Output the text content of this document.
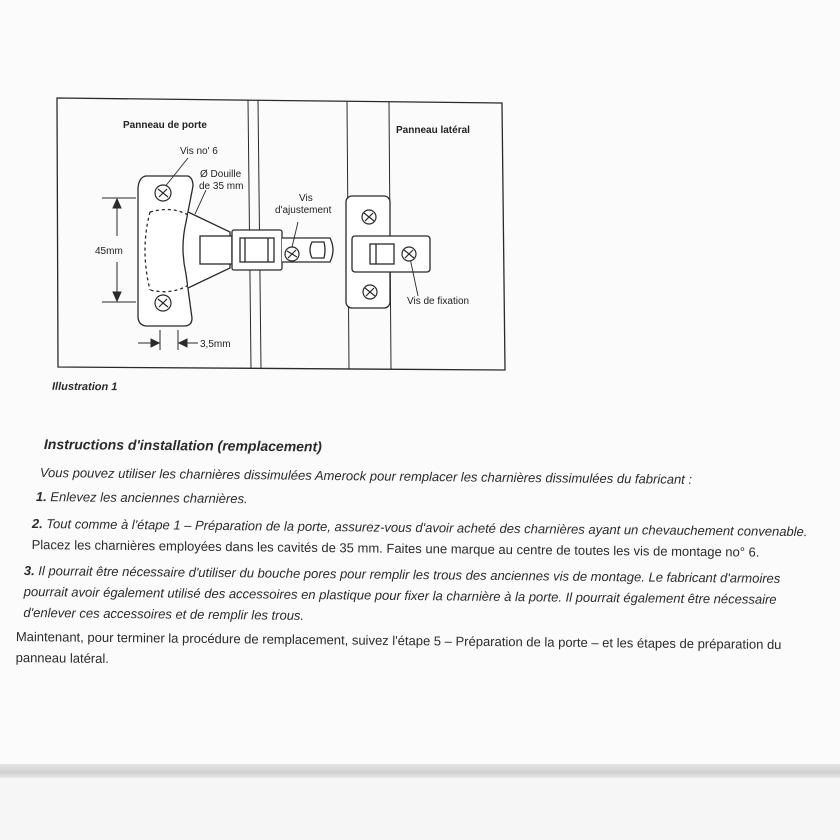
Panneau de porte	Panneau latéral
Vis no' 6
Ø Douille
de 35 mm
Vis
d'ajustement
45mm
3,5mm
Vis de fixation
Illustration 1
Instructions d'installation (remplacement)
Vous pouvez utiliser les charnières dissimulées Amerock pour remplacer les charnières dissimulées du fabricant :
1. Enlevez les anciennes charnières.
2. Tout comme à l'étape 1 – Préparation de la porte, assurez-vous d'avoir acheté des charnières ayant un chevauchement convenable.
Placez les charnières employées dans les cavités de 35 mm. Faites une marque au centre de toutes les vis de montage no° 6.
3. Il pourrait être nécessaire d'utiliser du bouche pores pour remplir les trous des anciennes vis de montage. Le fabricant d'armoires
pourrait avoir également utilisé des accessoires en plastique pour fixer la charnière à la porte. Il pourrait également être nécessaire
d'enlever ces accessoires et de remplir les trous.
Maintenant, pour terminer la procédure de remplacement, suivez l'étape 5 – Préparation de la porte – et les étapes de préparation du
panneau latéral.
